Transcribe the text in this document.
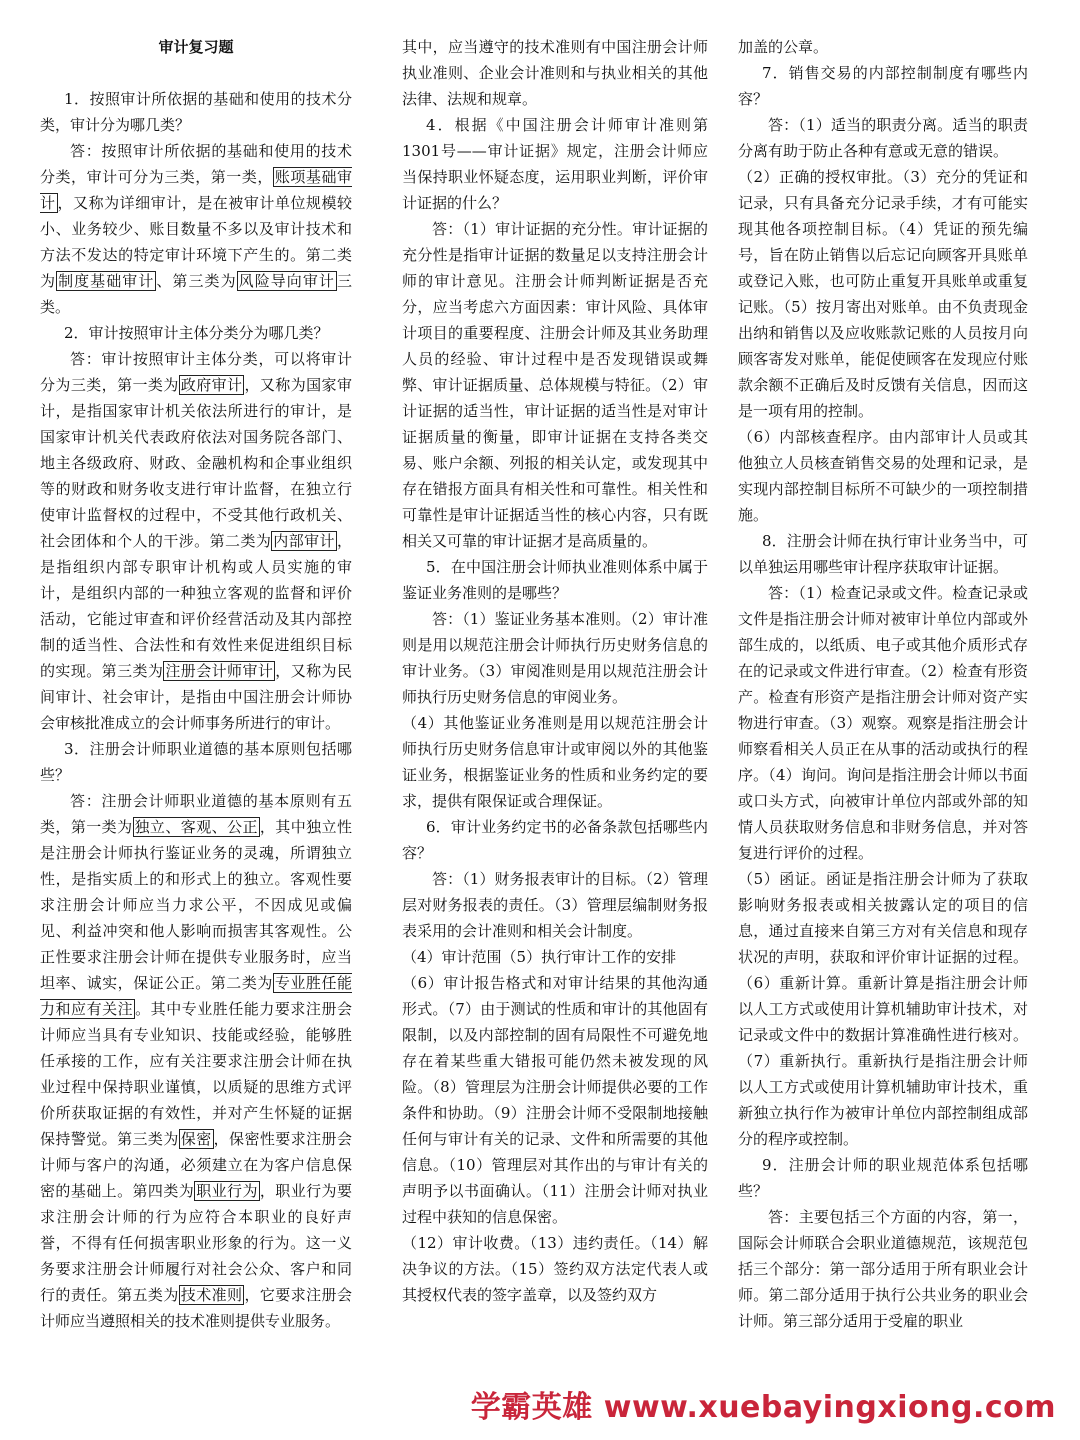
审计复习题

1．按照审计所依据的基础和使用的技术分类，审计分为哪几类？

答：按照审计所依据的基础和使用的技术分类，审计可分为三类，第一类， 账项基础审计 ，又称为详细审计，是在被审计单位规模较小、业务较少、账目数量不多以及审计技术和方法不发达的特定审计环境下产生的。第二类为 制度基础审计 、第三类为 风险导向审计 三类。

2．审计按照审计主体分类分为哪几类？

答：审计按照审计主体分类，可以将审计分为三类，第一类为 政府审计 ，又称为国家审计，是指国家审计机关依法所进行的审计，是国家审计机关代表政府依法对国务院各部门、地主各级政府、财政、金融机构和企事业组织等的财政和财务收支进行审计监督，在独立行使审计监督权的过程中，不受其他行政机关、社会团体和个人的干涉。第二类为 内部审计 ，是指组织内部专职审计机构或人员实施的审计，是组织内部的一种独立客观的监督和评价活动，它能过审查和评价经营活动及其内部控制的适当性、合法性和有效性来促进组织目标的实现。第三类为 注册会计师审计 ，又称为民间审计、社会审计，是指由中国注册会计师协会审核批准成立的会计师事务所进行的审计。

3．注册会计师职业道德的基本原则包括哪些？

答：注册会计师职业道德的基本原则有五类，第一类为 独立、客观、公正 ，其中独立性是注册会计师执行鉴证业务的灵魂，所谓独立性，是指实质上的和形式上的独立。客观性要求注册会计师应当力求公平，不因成见或偏见、利益冲突和他人影响而损害其客观性。公正性要求注册会计师在提供专业服务时，应当坦率、诚实，保证公正。第二类为 专业胜任能力和应有关注 。其中专业胜任能力要求注册会计师应当具有专业知识、技能或经验，能够胜任承接的工作，应有关注要求注册会计师在执业过程中保持职业谨慎，以质疑的思维方式评价所获取证据的有效性，并对产生怀疑的证据保持警觉。第三类为 保密 ，保密性要求注册会计师与客户的沟通，必须建立在为客户信息保密的基础上。第四类为 职业行为 ，职业行为要求注册会计师的行为应符合本职业的良好声誉，不得有任何损害职业形象的行为。这一义务要求注册会计师履行对社会公众、客户和同行的责任。第五类为 技术准则 ，它要求注册会计师应当遵照相关的技术准则提供专业服务。

其中，应当遵守的技术准则有中国注册会计师执业准则、企业会计准则和与执业相关的其他法律、法规和规章。

4．根据《中国注册会计师审计准则第1301号——审计证据》规定，注册会计师应当保持职业怀疑态度，运用职业判断，评价审计证据的什么？

答：（1）审计证据的充分性。审计证据的充分性是指审计证据的数量足以支持注册会计师的审计意见。注册会计师判断证据是否充分，应当考虑六方面因素：审计风险、具体审计项目的重要程度、注册会计师及其业务助理人员的经验、审计过程中是否发现错误或舞弊、审计证据质量、总体规模与特征。（2）审计证据的适当性，审计证据的适当性是对审计证据质量的衡量，即审计证据在支持各类交易、账户余额、列报的相关认定，或发现其中存在错报方面具有相关性和可靠性。相关性和可靠性是审计证据适当性的核心内容，只有既相关又可靠的审计证据才是高质量的。

5．在中国注册会计师执业准则体系中属于鉴证业务准则的是哪些？

答：（1）鉴证业务基本准则。（2）审计准则是用以规范注册会计师执行历史财务信息的审计业务。（3）审阅准则是用以规范注册会计师执行历史财务信息的审阅业务。

（4）其他鉴证业务准则是用以规范注册会计师执行历史财务信息审计或审阅以外的其他鉴证业务，根据鉴证业务的性质和业务约定的要求，提供有限保证或合理保证。

6．审计业务约定书的必备条款包括哪些内容？

答：（1）财务报表审计的目标。（2）管理层对财务报表的责任。（3）管理层编制财务报表采用的会计准则和相关会计制度。

（4）审计范围（5）执行审计工作的安排

（6）审计报告格式和对审计结果的其他沟通形式。（7）由于测试的性质和审计的其他固有限制，以及内部控制的固有局限性不可避免地存在着某些重大错报可能仍然未被发现的风险。（8）管理层为注册会计师提供必要的工作条件和协助。（9）注册会计师不受限制地接触任何与审计有关的记录、文件和所需要的其他信息。（10）管理层对其作出的与审计有关的声明予以书面确认。（11）注册会计师对执业过程中获知的信息保密。

（12）审计收费。（13）违约责任。（14）解决争议的方法。（15）签约双方法定代表人或其授权代表的签字盖章，以及签约双方

加盖的公章。

7．销售交易的内部控制制度有哪些内容？

答：（1）适当的职责分离。适当的职责分离有助于防止各种有意或无意的错误。

（2）正确的授权审批。（3）充分的凭证和记录，只有具备充分记录手续，才有可能实现其他各项控制目标。（4）凭证的预先编号，旨在防止销售以后忘记向顾客开具账单或登记入账，也可防止重复开具账单或重复记账。（5）按月寄出对账单。由不负责现金出纳和销售以及应收账款记账的人员按月向顾客寄发对账单，能促使顾客在发现应付账款余额不正确后及时反馈有关信息，因而这是一项有用的控制。

（6）内部核查程序。由内部审计人员或其他独立人员核查销售交易的处理和记录，是实现内部控制目标所不可缺少的一项控制措施。

8．注册会计师在执行审计业务当中，可以单独运用哪些审计程序获取审计证据。

答：（1）检查记录或文件。检查记录或文件是指注册会计师对被审计单位内部或外部生成的，以纸质、电子或其他介质形式存在的记录或文件进行审查。（2）检查有形资产。检查有形资产是指注册会计师对资产实物进行审查。（3）观察。观察是指注册会计师察看相关人员正在从事的活动或执行的程序。（4）询问。询问是指注册会计师以书面或口头方式，向被审计单位内部或外部的知情人员获取财务信息和非财务信息，并对答复进行评价的过程。

（5）函证。函证是指注册会计师为了获取影响财务报表或相关披露认定的项目的信息，通过直接来自第三方对有关信息和现存状况的声明，获取和评价审计证据的过程。（6）重新计算。重新计算是指注册会计师以人工方式或使用计算机辅助审计技术，对记录或文件中的数据计算准确性进行核对。（7）重新执行。重新执行是指注册会计师以人工方式或使用计算机辅助审计技术，重新独立执行作为被审计单位内部控制组成部分的程序或控制。

9．注册会计师的职业规范体系包括哪些？

答：主要包括三个方面的内容，第一，国际会计师联合会职业道德规范，该规范包括三个部分：第一部分适用于所有职业会计师。第二部分适用于执行公共业务的职业会计师。第三部分适用于受雇的职业

学霸英雄 www.xuebayingxiong.com
